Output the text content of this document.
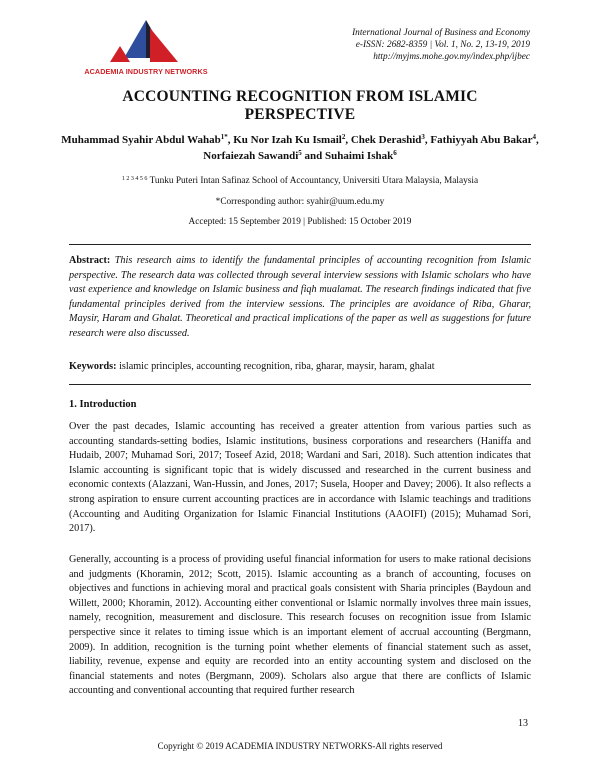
ACADEMIA INDUSTRY NETWORKS
International Journal of Business and Economy
e-ISSN: 2682-8359 | Vol. 1, No. 2, 13-19, 2019
http://myjms.mohe.gov.my/index.php/ijbec
ACCOUNTING RECOGNITION FROM ISLAMIC
PERSPECTIVE
Muhammad Syahir Abdul Wahab$^{1*}$, Ku Nor Izah Ku Ismail$^2$, Chek Derashid$^3$, Fathiyyah Abu Bakar$^4$, Norfaiezah Sawandi$^5$ and Suhaimi Ishak$^6$
$^{1 2 3 4 5 6}$ Tunku Puteri Intan Safinaz School of Accountancy, Universiti Utara Malaysia, Malaysia
*Corresponding author: syahir@uum.edu.my
Accepted: 15 September 2019 | Published: 15 October 2019
Abstract: This research aims to identify the fundamental principles of accounting recognition from Islamic perspective. The research data was collected through several interview sessions with Islamic scholars who have vast experience and knowledge on Islamic business and fiqh mualamat. The research findings indicated that five fundamental principles derived from the interview sessions. The principles are avoidance of Riba, Gharar, Maysir, Haram and Ghalat. Theoretical and practical implications of the paper as well as suggestions for future research were also discussed.
Keywords: islamic principles, accounting recognition, riba, gharar, maysir, haram, ghalat
1. Introduction

Over the past decades, Islamic accounting has received a greater attention from various parties such as accounting standards-setting bodies, Islamic institutions, business corporations and researchers (Haniffa and Hudaib, 2007; Muhamad Sori, 2017; Toseef Azid, 2018; Wardani and Sari, 2018). Such attention indicates that Islamic accounting is significant topic that is widely discussed and researched in the current business and economic contexts (Alazzani, Wan-Hussin, and Jones, 2017; Susela, Hooper and Davey; 2006). It also reflects a strong aspiration to ensure current accounting practices are in accordance with Islamic teachings and traditions (Accounting and Auditing Organization for Islamic Financial Institutions (AAOIFI) (2015); Muhamad Sori, 2017).

Generally, accounting is a process of providing useful financial information for users to make rational decisions and judgments (Khoramin, 2012; Scott, 2015). Islamic accounting as a branch of accounting, focuses on objectives and functions in achieving moral and practical goals consistent with Sharia principles (Baydoun and Willett, 2000; Khoramin, 2012). Accounting either conventional or Islamic normally involves three main issues, namely, recognition, measurement and disclosure. This research focuses on recognition issue from Islamic perspective since it relates to timing issue which is an important element of accrual accounting (Bergmann, 2009). In addition, recognition is the turning point whether elements of financial statement such as asset, liability, revenue, expense and equity are recorded into an entity accounting system and disclosed on the financial statements and notes (Bergmann, 2009). Scholars also argue that there are conflicts of Islamic accounting and conventional accounting that required further research

13
Copyright © 2019 ACADEMIA INDUSTRY NETWORKS-All rights reserved
